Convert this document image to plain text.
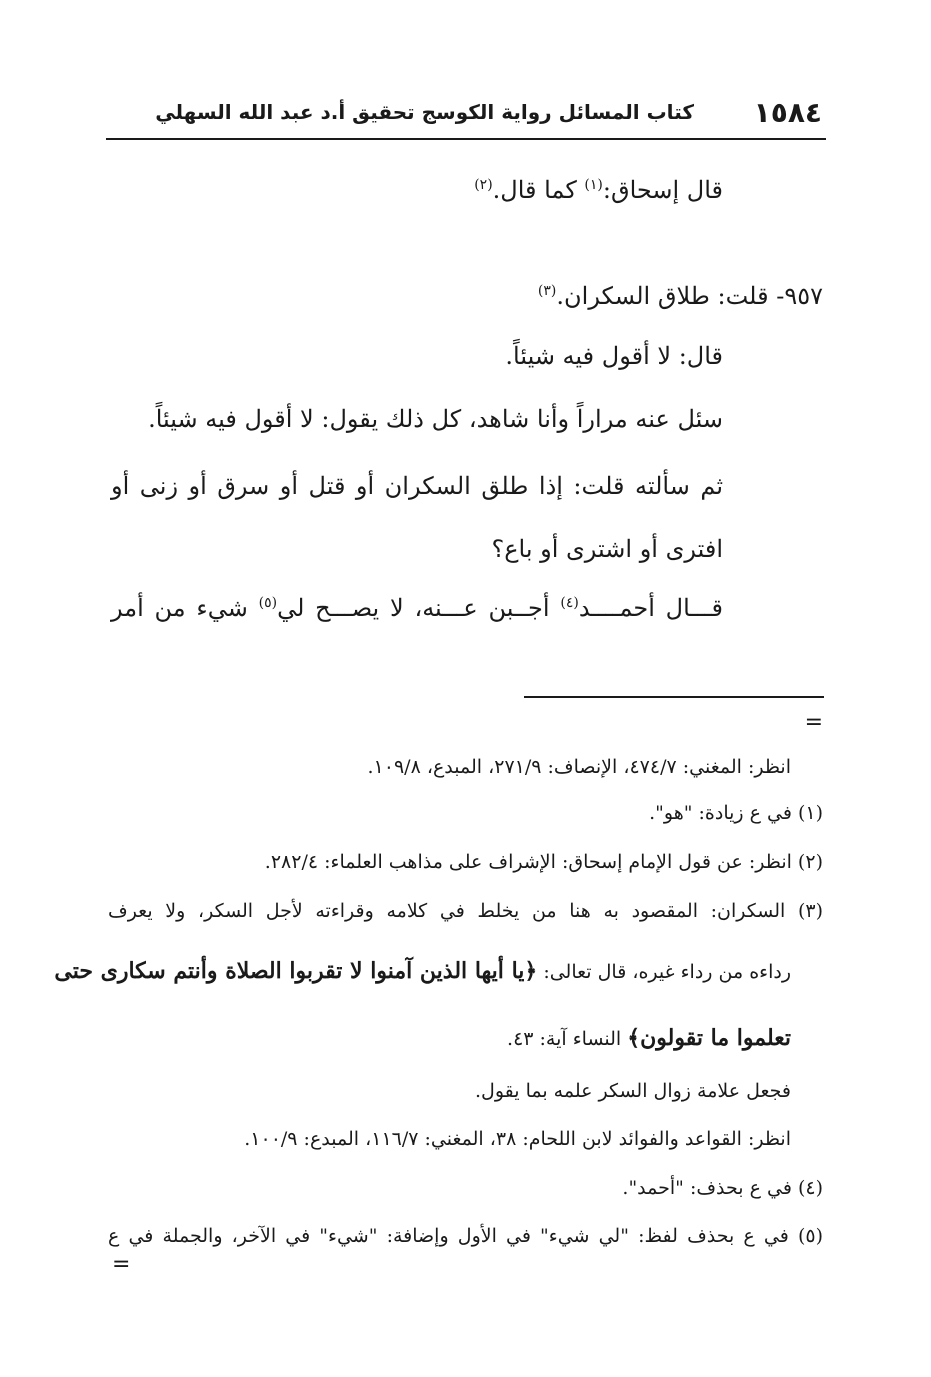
١٥٨٤
كتاب المسائل رواية الكوسج تحقيق أ.د عبد الله السهلي
قال إسحاق:$^{(١)}$ كما قال.$^{(٢)}$
٩٥٧- قلت: طلاق السكران.$^{(٣)}$
قال: لا أقول فيه شيئاً.
سئل عنه مراراً وأنا شاهد، كل ذلك يقول: لا أقول فيه شيئاً.
ثم سألته قلت: إذا طلق السكران أو قتل أو سرق أو زنى أو
افترى أو اشترى أو باع؟
قـــال أحمــــد$^{(٤)}$ أجــبن عـــنه، لا يصـــح لي$^{(٥)}$ شيء من أمر
=
انظر: المغني: ٤٧٤/٧، الإنصاف: ٢٧١/٩، المبدع، ١٠٩/٨.
(١) في ع زيادة: "هو".
(٢) انظر: عن قول الإمام إسحاق: الإشراف على مذاهب العلماء: ٢٨٢/٤.
(٣) السكران: المقصود به هنا من يخلط في كلامه وقراءته لأجل السكر، ولا يعرف
رداءه من رداء غيره، قال تعالى: ﴿يا أيها الذين آمنوا لا تقربوا الصلاة وأنتم سكارى حتى
تعلموا ما تقولون﴾ النساء آية: ٤٣.
فجعل علامة زوال السكر علمه بما يقول.
انظر: القواعد والفوائد لابن اللحام: ٣٨، المغني: ١١٦/٧، المبدع: ١٠٠/٩.
(٤) في ع بحذف: "أحمد".
(٥) في ع بحذف لفظ: "لي شيء" في الأول وإضافة: "شيء" في الآخر، والجملة في ع
=
